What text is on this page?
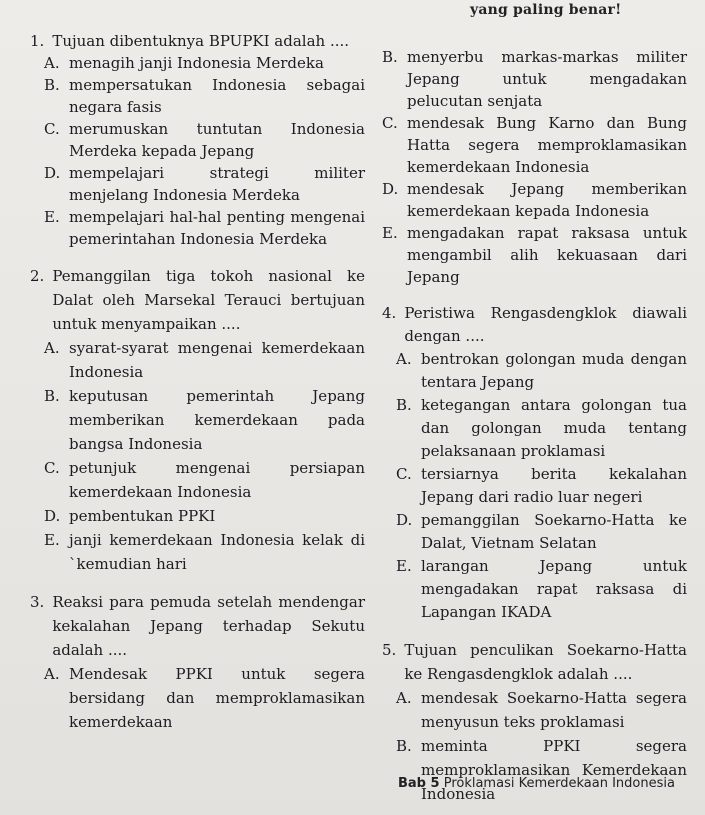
yang paling benar!
1. Tujuan dibentuknya BPUPKI adalah ....
A. menagih janji Indonesia Merdeka
B. mempersatukan Indonesia sebagai negara fasis
C. merumuskan tuntutan Indonesia Merdeka kepada Jepang
D. mempelajari strategi militer menjelang Indonesia Merdeka
E. mempelajari hal-hal penting mengenai pemerintahan Indonesia Merdeka
2. Pemanggilan tiga tokoh nasional ke Dalat oleh Marsekal Terauci bertujuan untuk menyampaikan ....
A. syarat-syarat mengenai kemerdekaan Indonesia
B. keputusan pemerintah Jepang memberikan kemerdekaan pada bangsa Indonesia
C. petunjuk mengenai persiapan kemerdekaan Indonesia
D. pembentukan PPKI
E. janji kemerdekaan Indonesia kelak di `kemudian hari
3. Reaksi para pemuda setelah mendengar kekalahan Jepang terhadap Sekutu adalah ....
A. Mendesak PPKI untuk segera bersidang dan memproklamasikan kemerdekaan
B. menyerbu markas-markas militer Jepang untuk mengadakan pelucutan senjata
C. mendesak Bung Karno dan Bung Hatta segera memproklamasikan kemerdekaan Indonesia
D. mendesak Jepang memberikan kemerdekaan kepada Indonesia
E. mengadakan rapat raksasa untuk mengambil alih kekuasaan dari Jepang
4. Peristiwa Rengasdengklok diawali dengan ....
A. bentrokan golongan muda dengan tentara Jepang
B. ketegangan antara golongan tua dan golongan muda tentang pelaksanaan proklamasi
C. tersiarnya berita kekalahan Jepang dari radio luar negeri
D. pemanggilan Soekarno-Hatta ke Dalat, Vietnam Selatan
E. larangan Jepang untuk mengadakan rapat raksasa di Lapangan IKADA
5. Tujuan penculikan Soekarno-Hatta ke Rengasdengklok adalah ....
A. mendesak Soekarno-Hatta segera menyusun teks proklamasi
B. meminta PPKI segera memproklamasikan Kemerdekaan Indonesia
Bab 5 Proklamasi Kemerdekaan Indonesia
